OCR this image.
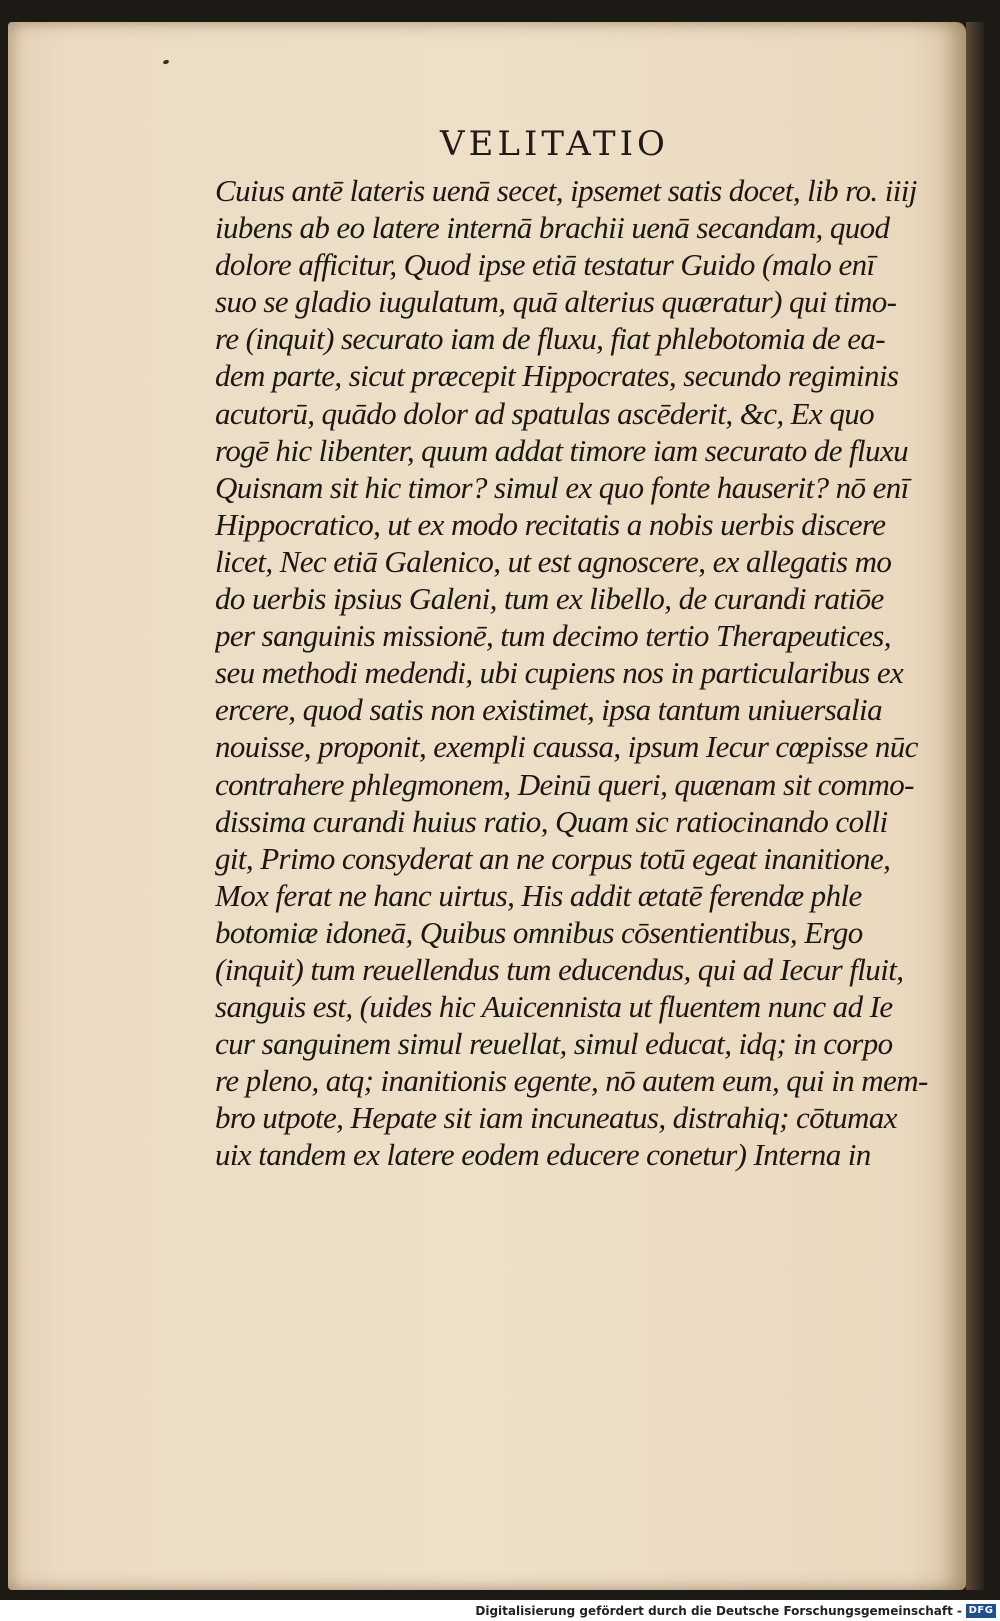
VELITATIO
Cuius antē lateris uenā secet, ipsemet satis docet, lib ro. iiij
iubens ab eo latere internā brachii uenā secandam, quod
dolore afficitur, Quod ipse etiā testatur Guido (malo enī
suo se gladio iugulatum, quā alterius quæratur) qui timo-
re (inquit) securato iam de fluxu, fiat phlebotomia de ea-
dem parte, sicut præcepit Hippocrates, secundo regiminis
acutorū, quādo dolor ad spatulas ascēderit, &c, Ex quo
rogē hic libenter, quum addat timore iam securato de fluxu
Quisnam sit hic timor? simul ex quo fonte hauserit? nō enī
Hippocratico, ut ex modo recitatis a nobis uerbis discere
licet, Nec etiā Galenico, ut est agnoscere, ex allegatis mo
do uerbis ipsius Galeni, tum ex libello, de curandi ratiōe
per sanguinis missionē, tum decimo tertio Therapeutices,
seu methodi medendi, ubi cupiens nos in particularibus ex
ercere, quod satis non existimet, ipsa tantum uniuersalia
nouisse, proponit, exempli caussa, ipsum Iecur cœpisse nūc
contrahere phlegmonem, Deinū queri, quænam sit commo-
dissima curandi huius ratio, Quam sic ratiocinando colli
git, Primo consyderat an ne corpus totū egeat inanitione,
Mox ferat ne hanc uirtus, His addit ætatē ferendæ phle
botomiæ idoneā, Quibus omnibus cōsentientibus, Ergo
(inquit) tum reuellendus tum educendus, qui ad Iecur fluit,
sanguis est, (uides hic Auicennista ut fluentem nunc ad Ie
cur sanguinem simul reuellat, simul educat, idq; in corpo
re pleno, atq; inanitionis egente, nō autem eum, qui in mem-
bro utpote, Hepate sit iam incuneatus, distrahiq; cōtumax
uix tandem ex latere eodem educere conetur) Interna in
Digitalisierung gefördert durch die Deutsche Forschungsgemeinschaft - DFG
